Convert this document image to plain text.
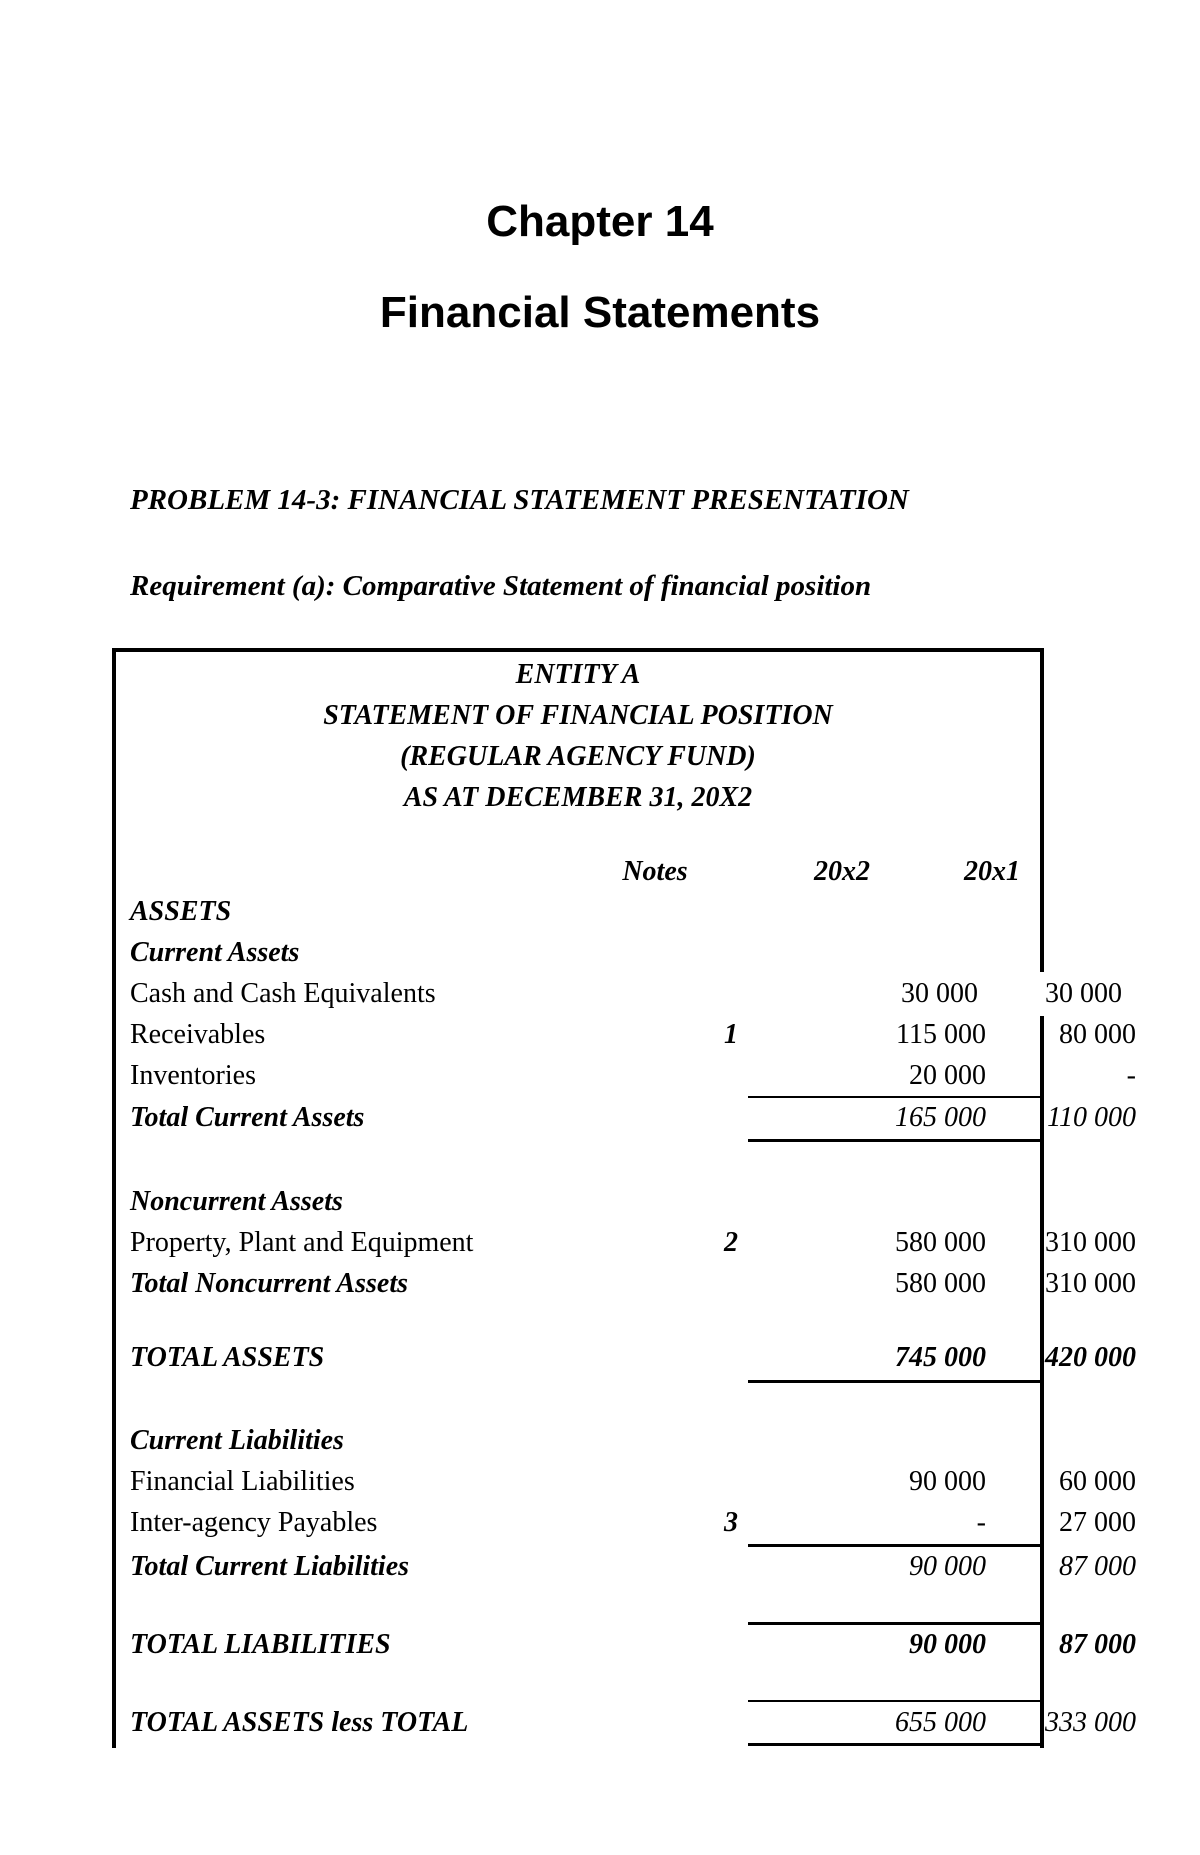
Chapter 14
Financial Statements
PROBLEM 14-3: FINANCIAL STATEMENT PRESENTATION
Requirement (a): Comparative Statement of financial position
ENTITY A
STATEMENT OF FINANCIAL POSITION
(REGULAR AGENCY FUND)
AS AT DECEMBER 31, 20X2
Notes	20x2	20x1
ASSETS
Current Assets
Cash and Cash Equivalents	30 000	30 000
Receivables	1	115 000	80 000
Inventories	20 000	-
Total Current Assets	165 000	110 000
Noncurrent Assets
Property, Plant and Equipment	2	580 000	310 000
Total Noncurrent Assets	580 000	310 000
TOTAL ASSETS	745 000	420 000
Current Liabilities
Financial Liabilities	90 000	60 000
Inter-agency Payables	3	-	27 000
Total Current Liabilities	90 000	87 000
TOTAL LIABILITIES	90 000	87 000
TOTAL ASSETS less TOTAL	655 000	333 000
